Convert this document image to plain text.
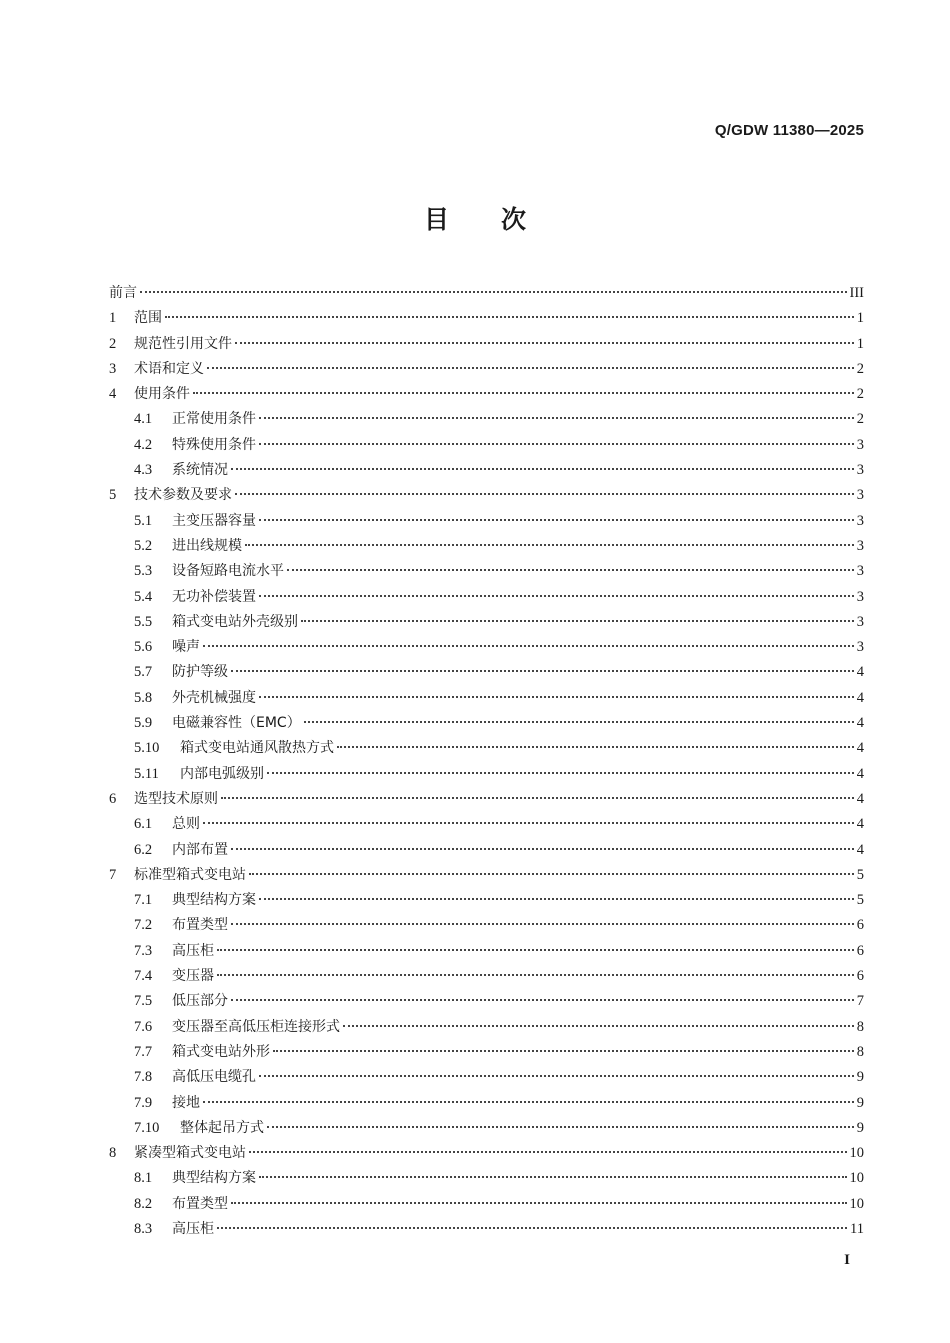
Q/GDW 11380—2025
目次
前言	III
1	范围	1
2	规范性引用文件	1
3	术语和定义	2
4	使用条件	2
4.1	正常使用条件	2
4.2	特殊使用条件	3
4.3	系统情况	3
5	技术参数及要求	3
5.1	主变压器容量	3
5.2	进出线规模	3
5.3	设备短路电流水平	3
5.4	无功补偿装置	3
5.5	箱式变电站外壳级别	3
5.6	噪声	3
5.7	防护等级	4
5.8	外壳机械强度	4
5.9	电磁兼容性（EMC）	4
5.10	箱式变电站通风散热方式	4
5.11	内部电弧级别	4
6	选型技术原则	4
6.1	总则	4
6.2	内部布置	4
7	标准型箱式变电站	5
7.1	典型结构方案	5
7.2	布置类型	6
7.3	高压柜	6
7.4	变压器	6
7.5	低压部分	7
7.6	变压器至高低压柜连接形式	8
7.7	箱式变电站外形	8
7.8	高低压电缆孔	9
7.9	接地	9
7.10	整体起吊方式	9
8	紧凑型箱式变电站	10
8.1	典型结构方案	10
8.2	布置类型	10
8.3	高压柜	11
I
